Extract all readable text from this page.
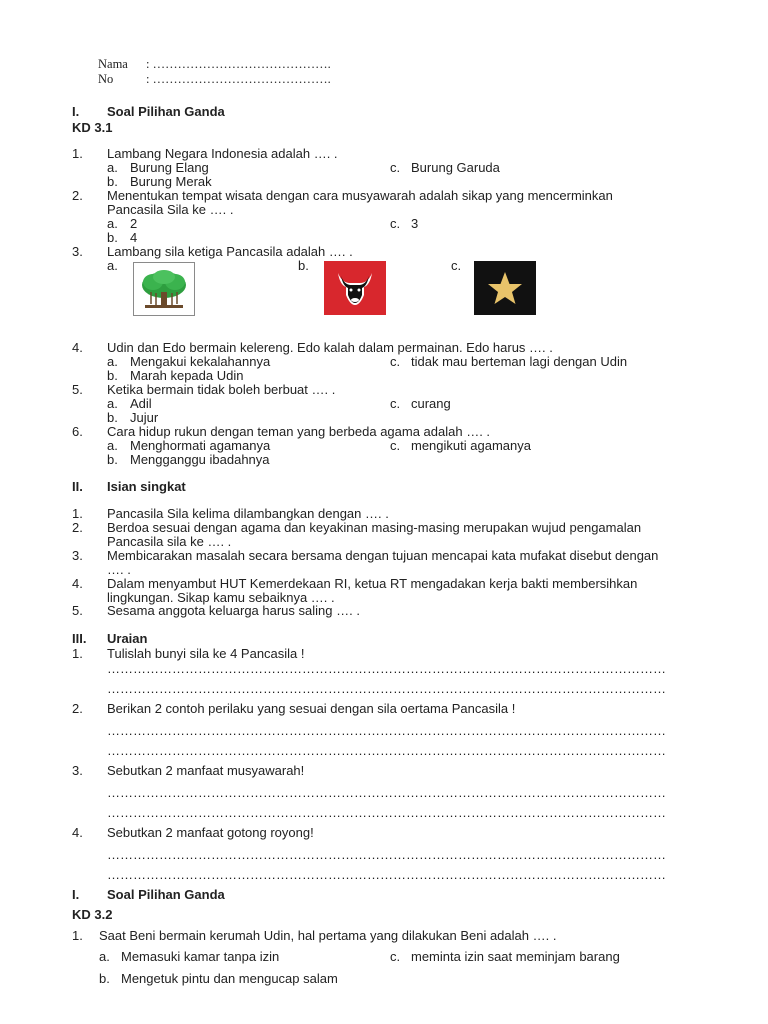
Nama : …………………………………….
No	: …………………………………….
I. Soal Pilihan Ganda
KD 3.1
1. Lambang Negara Indonesia adalah …. .
a. Burung Elang	c. Burung Garuda
b. Burung Merak
2. Menentukan tempat wisata dengan cara musyawarah adalah sikap yang mencerminkan
Pancasila Sila ke …. .
a. 2	c. 3
b. 4
3. Lambang sila ketiga Pancasila adalah …. .
a.	b.	c.
4. Udin dan Edo bermain kelereng. Edo kalah dalam permainan. Edo harus …. .
a. Mengakui kekalahannya	c. tidak mau berteman lagi dengan Udin
b. Marah kepada Udin
5. Ketika bermain tidak boleh berbuat …. .
a. Adil	c. curang
b. Jujur
6. Cara hidup rukun dengan teman yang berbeda agama adalah …. .
a. Menghormati agamanya	c. mengikuti agamanya
b. Mengganggu ibadahnya
II. Isian singkat
1. Pancasila Sila kelima dilambangkan dengan …. .
2. Berdoa sesuai dengan agama dan keyakinan masing-masing merupakan wujud pengamalan
Pancasila sila ke …. .
3. Membicarakan masalah secara bersama dengan tujuan mencapai kata mufakat disebut dengan
…. .
4. Dalam menyambut HUT Kemerdekaan RI, ketua RT mengadakan kerja bakti membersihkan
lingkungan. Sikap kamu sebaiknya …. .
5. Sesama anggota keluarga harus saling …. .
III. Uraian
1. Tulislah bunyi sila ke 4 Pancasila !
…………………………………………………………………………………………………………………
…………………………………………………………………………………………………………………
2. Berikan 2 contoh perilaku yang sesuai dengan sila oertama Pancasila !
…………………………………………………………………………………………………………………
…………………………………………………………………………………………………………………
3. Sebutkan 2 manfaat musyawarah!
…………………………………………………………………………………………………………………
…………………………………………………………………………………………………………………
4. Sebutkan 2 manfaat gotong royong!
…………………………………………………………………………………………………………………
…………………………………………………………………………………………………………………
I. Soal Pilihan Ganda
KD 3.2
1. Saat Beni bermain kerumah Udin, hal pertama yang dilakukan Beni adalah …. .
a. Memasuki kamar tanpa izin	c. meminta izin saat meminjam barang
b. Mengetuk pintu dan mengucap salam
